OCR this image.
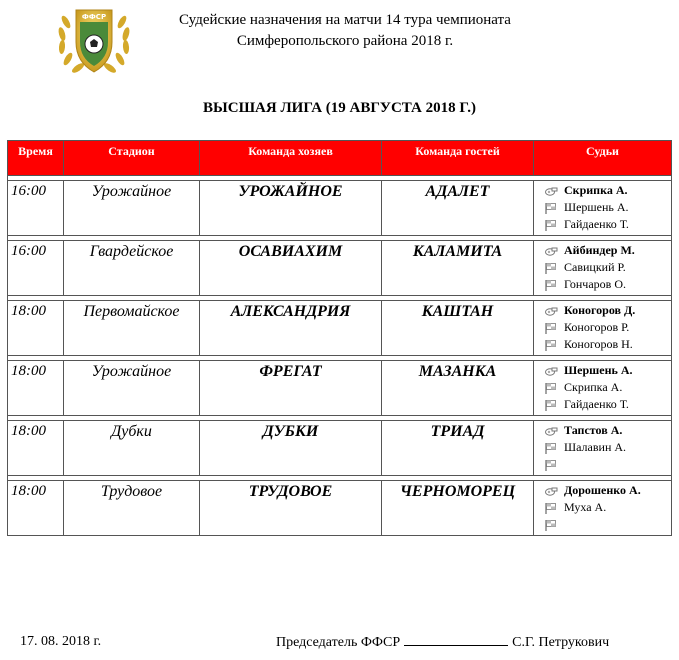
ФФСР	Судейские назначения на матчи 14 тура чемпионата
Симферопольского района 2018 г.
ВЫСШАЯ ЛИГА (19 АВГУСТА 2018 Г.)
Время	Стадион	Команда хозяев	Команда гостей	Судьи

16:00	Урожайное	УРОЖАЙНОЕ	АДАЛЕТ	Скрипка А.
Шершень А.
Гайдаенко Т.

16:00	Гвардейское	ОСАВИАХИМ	КАЛАМИТА	Айбиндер М.
Савицкий Р.
Гончаров О.

18:00	Первомайское	АЛЕКСАНДРИЯ	КАШТАН	Коногоров Д.
Коногоров Р.
Коногоров Н.

18:00	Урожайное	ФРЕГАТ	МАЗАНКА	Шершень А.
Скрипка А.
Гайдаенко Т.

18:00	Дубки	ДУБКИ	ТРИАД	Тапстов А.
Шалавин А.

18:00	Трудовое	ТРУДОВОЕ	ЧЕРНОМОРЕЦ	Дорошенко А.
Муха А.
17. 08. 2018 г.	Председатель ФФСР	С.Г. Петрукович
